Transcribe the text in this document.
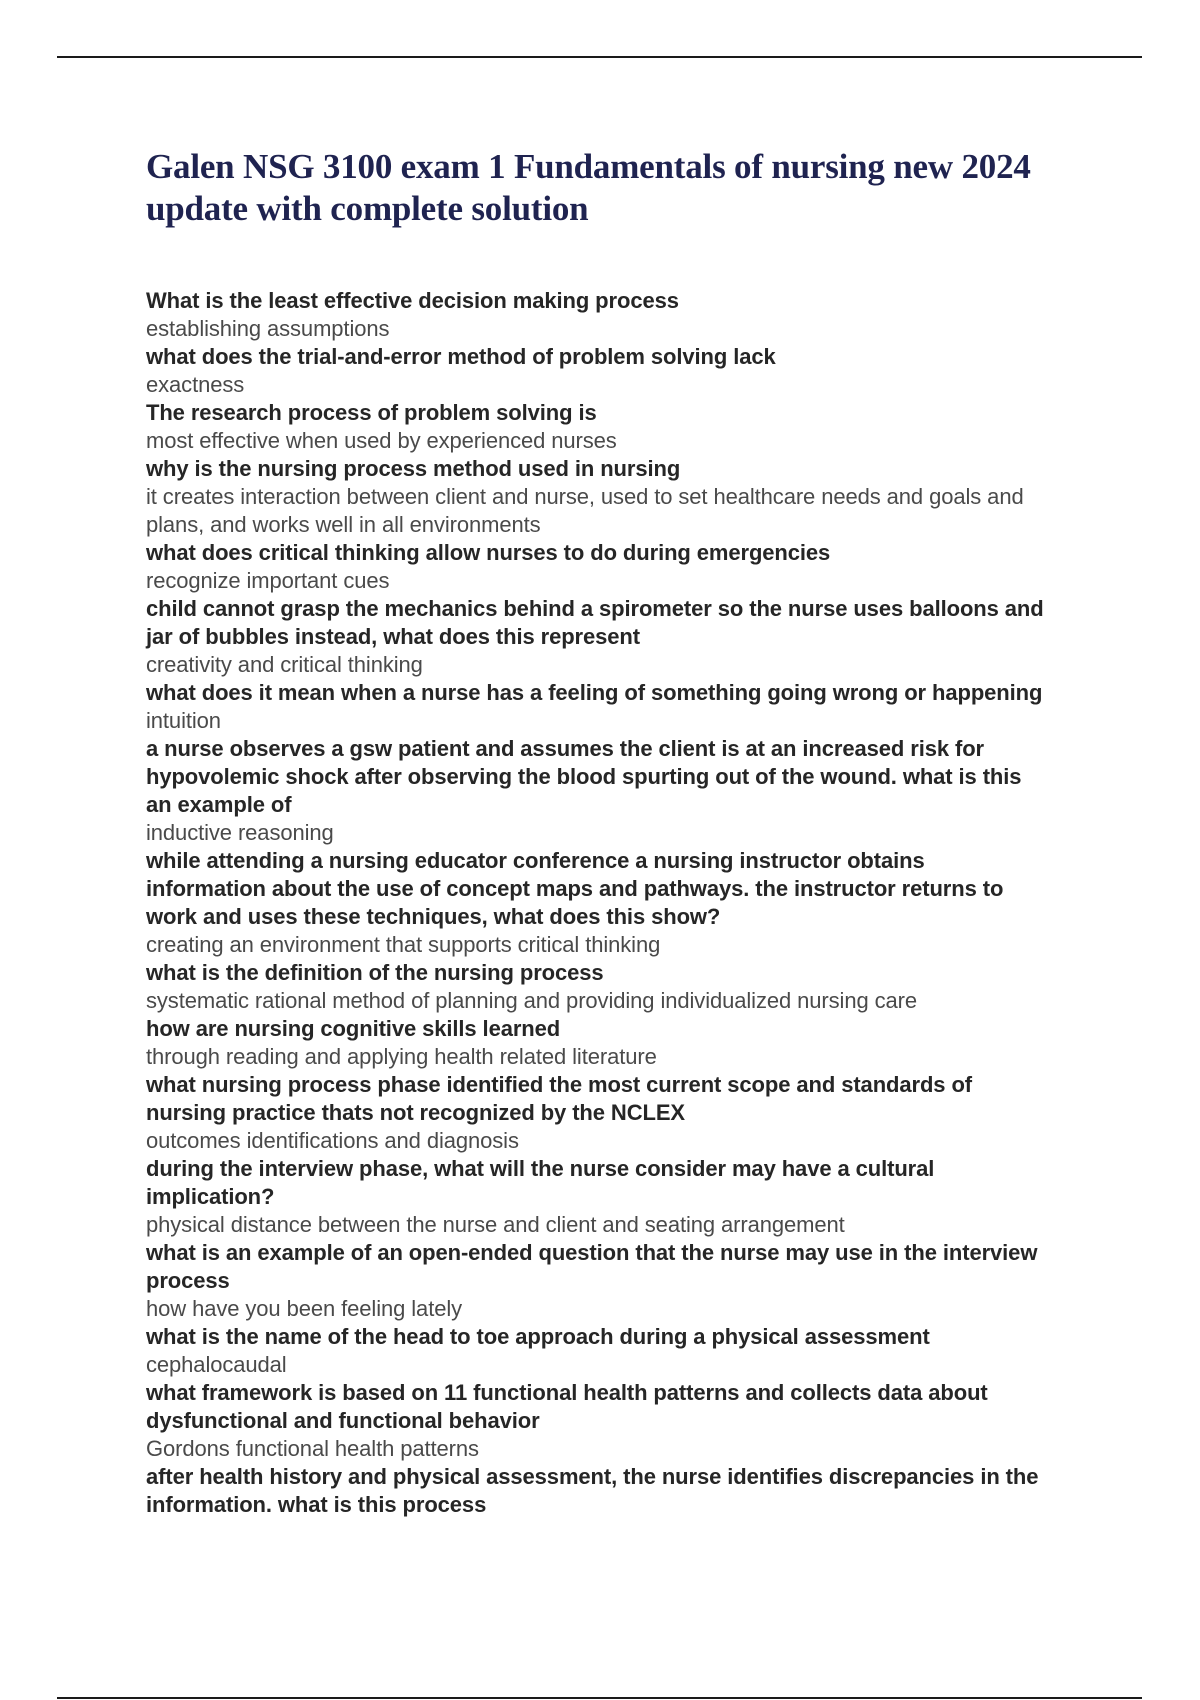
Galen NSG 3100 exam 1 Fundamentals of nursing new 2024 update with complete solution

What is the least effective decision making process

establishing assumptions

what does the trial-and-error method of problem solving lack

exactness

The research process of problem solving is

most effective when used by experienced nurses

why is the nursing process method used in nursing

it creates interaction between client and nurse, used to set healthcare needs and goals and plans, and works well in all environments

what does critical thinking allow nurses to do during emergencies

recognize important cues

child cannot grasp the mechanics behind a spirometer so the nurse uses balloons and jar of bubbles instead, what does this represent

creativity and critical thinking

what does it mean when a nurse has a feeling of something going wrong or happening

intuition

a nurse observes a gsw patient and assumes the client is at an increased risk for hypovolemic shock after observing the blood spurting out of the wound. what is this an example of

inductive reasoning

while attending a nursing educator conference a nursing instructor obtains information about the use of concept maps and pathways. the instructor returns to work and uses these techniques, what does this show?

creating an environment that supports critical thinking

what is the definition of the nursing process

systematic rational method of planning and providing individualized nursing care

how are nursing cognitive skills learned

through reading and applying health related literature

what nursing process phase identified the most current scope and standards of nursing practice thats not recognized by the NCLEX

outcomes identifications and diagnosis

during the interview phase, what will the nurse consider may have a cultural implication?

physical distance between the nurse and client and seating arrangement

what is an example of an open-ended question that the nurse may use in the interview process

how have you been feeling lately

what is the name of the head to toe approach during a physical assessment

cephalocaudal

what framework is based on 11 functional health patterns and collects data about dysfunctional and functional behavior

Gordons functional health patterns

after health history and physical assessment, the nurse identifies discrepancies in the information. what is this process
